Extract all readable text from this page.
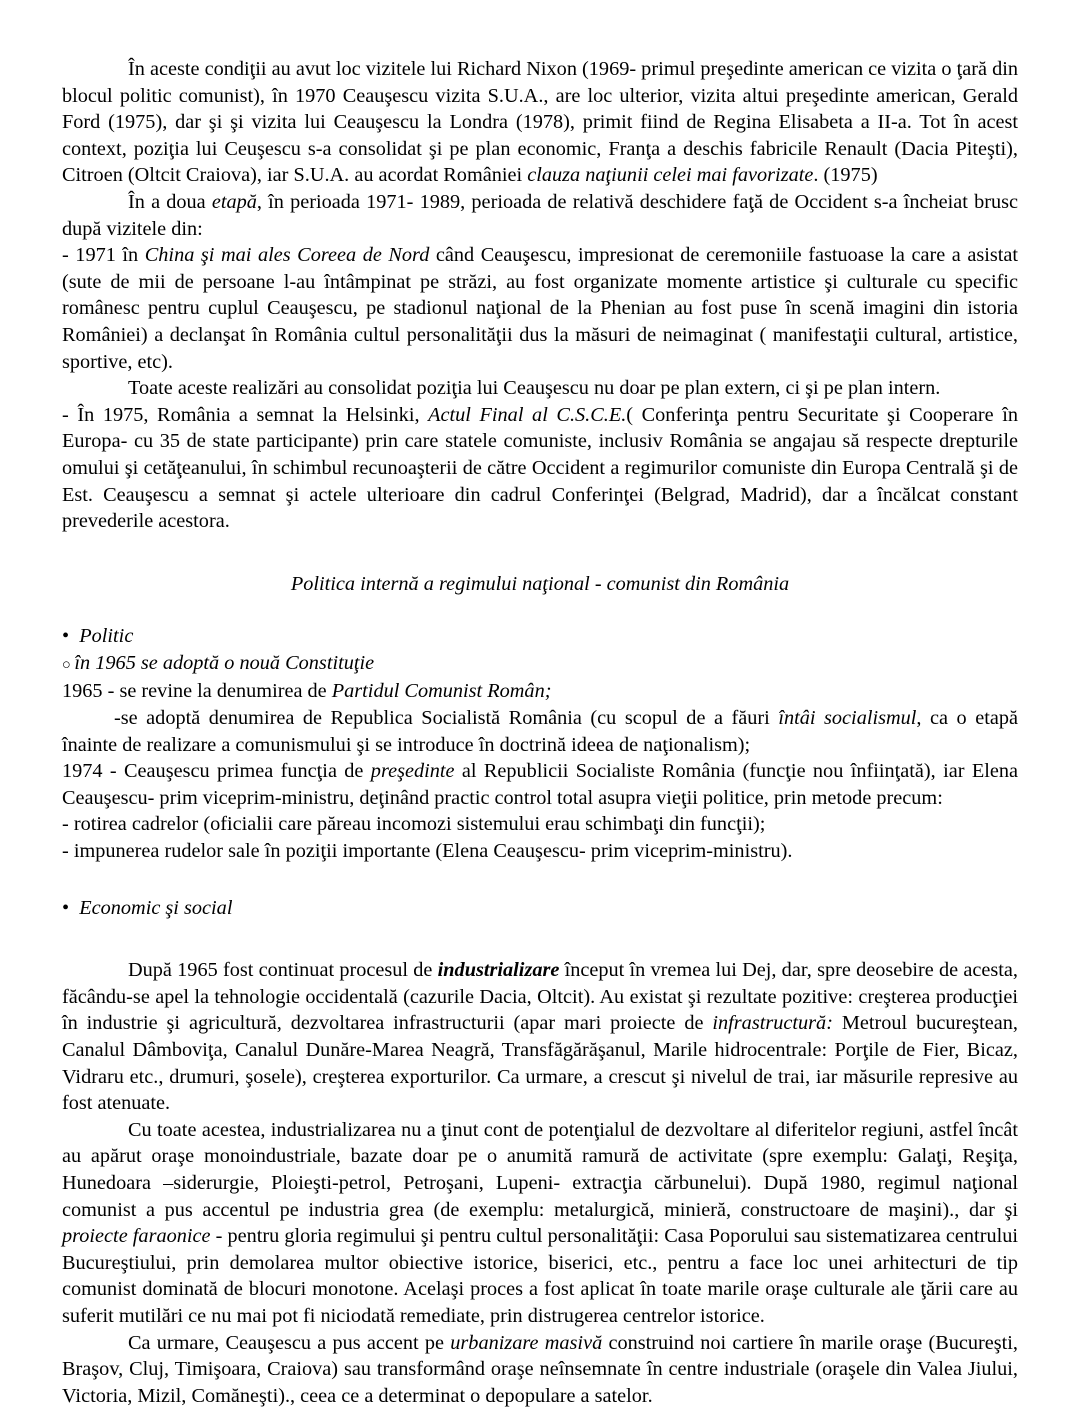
În aceste condiţii au avut loc vizitele lui Richard Nixon (1969- primul preşedinte american ce vizita o ţară din blocul politic comunist), în 1970 Ceauşescu vizita S.U.A., are loc ulterior, vizita altui preşedinte american, Gerald Ford (1975), dar şi şi vizita lui Ceauşescu la Londra (1978), primit fiind de Regina Elisabeta a II-a. Tot în acest context, poziţia lui Ceuşescu s-a consolidat şi pe plan economic, Franţa a deschis fabricile Renault (Dacia Piteşti), Citroen (Oltcit Craiova), iar S.U.A. au acordat României clauza naţiunii celei mai favorizate. (1975)

În a doua etapă, în perioada 1971- 1989, perioada de relativă deschidere faţă de Occident s-a încheiat brusc după vizitele din:

- 1971 în China şi mai ales Coreea de Nord când Ceauşescu, impresionat de ceremoniile fastuoase la care a asistat (sute de mii de persoane l-au întâmpinat pe străzi, au fost organizate momente artistice şi culturale cu specific românesc pentru cuplul Ceauşescu, pe stadionul naţional de la Phenian au fost puse în scenă imagini din istoria României) a declanşat în România cultul personalităţii dus la măsuri de neimaginat ( manifestaţii cultural, artistice, sportive, etc).

Toate aceste realizări au consolidat poziţia lui Ceauşescu nu doar pe plan extern, ci şi pe plan intern.

- În 1975, România a semnat la Helsinki, Actul Final al C.S.C.E.( Conferinţa pentru Securitate şi Cooperare în Europa- cu 35 de state participante) prin care statele comuniste, inclusiv România se angajau să respecte drepturile omului şi cetăţeanului, în schimbul recunoaşterii de către Occident a regimurilor comuniste din Europa Centrală şi de Est. Ceauşescu a semnat şi actele ulterioare din cadrul Conferinţei (Belgrad, Madrid), dar a încălcat constant prevederile acestora.

Politica internă a regimului naţional - comunist din România

• Politic

○ în 1965 se adoptă o nouă Constituţie

1965 - se revine la denumirea de Partidul Comunist Român;

-se adoptă denumirea de Republica Socialistă România (cu scopul de a făuri întâi socialismul, ca o etapă înainte de realizare a comunismului şi se introduce în doctrină ideea de naţionalism);

1974 - Ceauşescu primea funcţia de preşedinte al Republicii Socialiste România (funcţie nou înfiinţată), iar Elena Ceauşescu- prim viceprim-ministru, deţinând practic control total asupra vieţii politice, prin metode precum:

- rotirea cadrelor (oficialii care păreau incomozi sistemului erau schimbaţi din funcţii);

- impunerea rudelor sale în poziţii importante (Elena Ceauşescu- prim viceprim-ministru).

• Economic şi social

După 1965 fost continuat procesul de industrializare început în vremea lui Dej, dar, spre deosebire de acesta, făcându-se apel la tehnologie occidentală (cazurile Dacia, Oltcit). Au existat şi rezultate pozitive: creşterea producţiei în industrie şi agricultură, dezvoltarea infrastructurii (apar mari proiecte de infrastructură: Metroul bucureştean, Canalul Dâmboviţa, Canalul Dunăre-Marea Neagră, Transfăgărăşanul, Marile hidrocentrale: Porţile de Fier, Bicaz, Vidraru etc., drumuri, şosele), creşterea exporturilor. Ca urmare, a crescut şi nivelul de trai, iar măsurile represive au fost atenuate.

Cu toate acestea, industrializarea nu a ţinut cont de potenţialul de dezvoltare al diferitelor regiuni, astfel încât au apărut oraşe monoindustriale, bazate doar pe o anumită ramură de activitate (spre exemplu: Galaţi, Reşiţa, Hunedoara –siderurgie, Ploieşti-petrol, Petroşani, Lupeni- extracţia cărbunelui). După 1980, regimul naţional comunist a pus accentul pe industria grea (de exemplu: metalurgică, minieră, constructoare de maşini)., dar şi proiecte faraonice - pentru gloria regimului şi pentru cultul personalităţii: Casa Poporului sau sistematizarea centrului Bucureştiului, prin demolarea multor obiective istorice, biserici, etc., pentru a face loc unei arhitecturi de tip comunist dominată de blocuri monotone. Acelaşi proces a fost aplicat în toate marile oraşe culturale ale ţării care au suferit mutilări ce nu mai pot fi niciodată remediate, prin distrugerea centrelor istorice.

Ca urmare, Ceauşescu a pus accent pe urbanizare masivă construind noi cartiere în marile oraşe (Bucureşti, Braşov, Cluj, Timişoara, Craiova) sau transformând oraşe neînsemnate în centre industriale (oraşele din Valea Jiului, Victoria, Mizil, Comăneşti)., ceea ce a determinat o depopulare a satelor.
